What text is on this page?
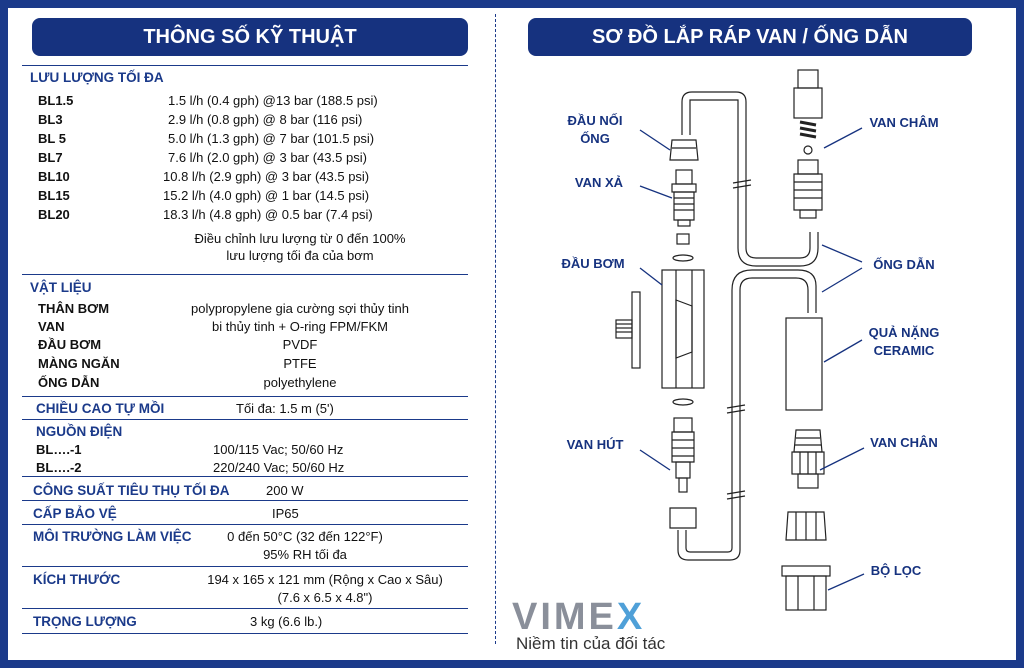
THÔNG SỐ KỸ THUẬT	SƠ ĐỒ LẮP RÁP VAN / ỐNG DẪN
LƯU LƯỢNG TỐI ĐA
BL1.5	1.5 l/h (0.4 gph) @13 bar (188.5 psi)
BL3	2.9 l/h (0.8 gph) @ 8 bar (116 psi)
BL 5	5.0 l/h (1.3 gph) @ 7 bar (101.5 psi)
BL7	7.6 l/h (2.0 gph) @ 3 bar (43.5 psi)
BL10	10.8 l/h (2.9 gph) @ 3 bar (43.5 psi)
BL15	15.2 l/h (4.0 gph) @ 1 bar (14.5 psi)
BL20	18.3 l/h (4.8 gph) @ 0.5 bar (7.4 psi)
Điều chỉnh lưu lượng từ 0 đến 100%
lưu lượng tối đa của bơm
VẬT LIỆU
THÂN BƠM	polypropylene gia cường sợi thủy tinh
VAN	bi thủy tinh + O-ring FPM/FKM
ĐẦU BƠM	PVDF
MÀNG NGĂN	PTFE
ỐNG DẪN	polyethylene
CHIỀU CAO TỰ MỒI	Tối đa: 1.5 m (5')
NGUỒN ĐIỆN
BL….-1	100/115 Vac; 50/60 Hz
BL….-2	220/240 Vac; 50/60 Hz
CÔNG SUẤT TIÊU THỤ TỐI ĐA	200 W
CẤP BẢO VỆ	IP65
MÔI TRƯỜNG LÀM VIỆC	0 đến 50°C (32 đến 122°F)
95% RH tối đa
KÍCH THƯỚC	194 x 165 x 121 mm (Rộng x Cao x Sâu)
(7.6 x 6.5 x 4.8")
TRỌNG LƯỢNG	3 kg (6.6 lb.)
ĐẦU NỐI
ỐNG
VAN XẢ
ĐẦU BƠM
VAN HÚT
VAN CHÂM
ỐNG DẪN
QUẢ NẶNG
CERAMIC
VAN CHÂN
BỘ LỌC
VIMEX
Niềm tin của đối tác
